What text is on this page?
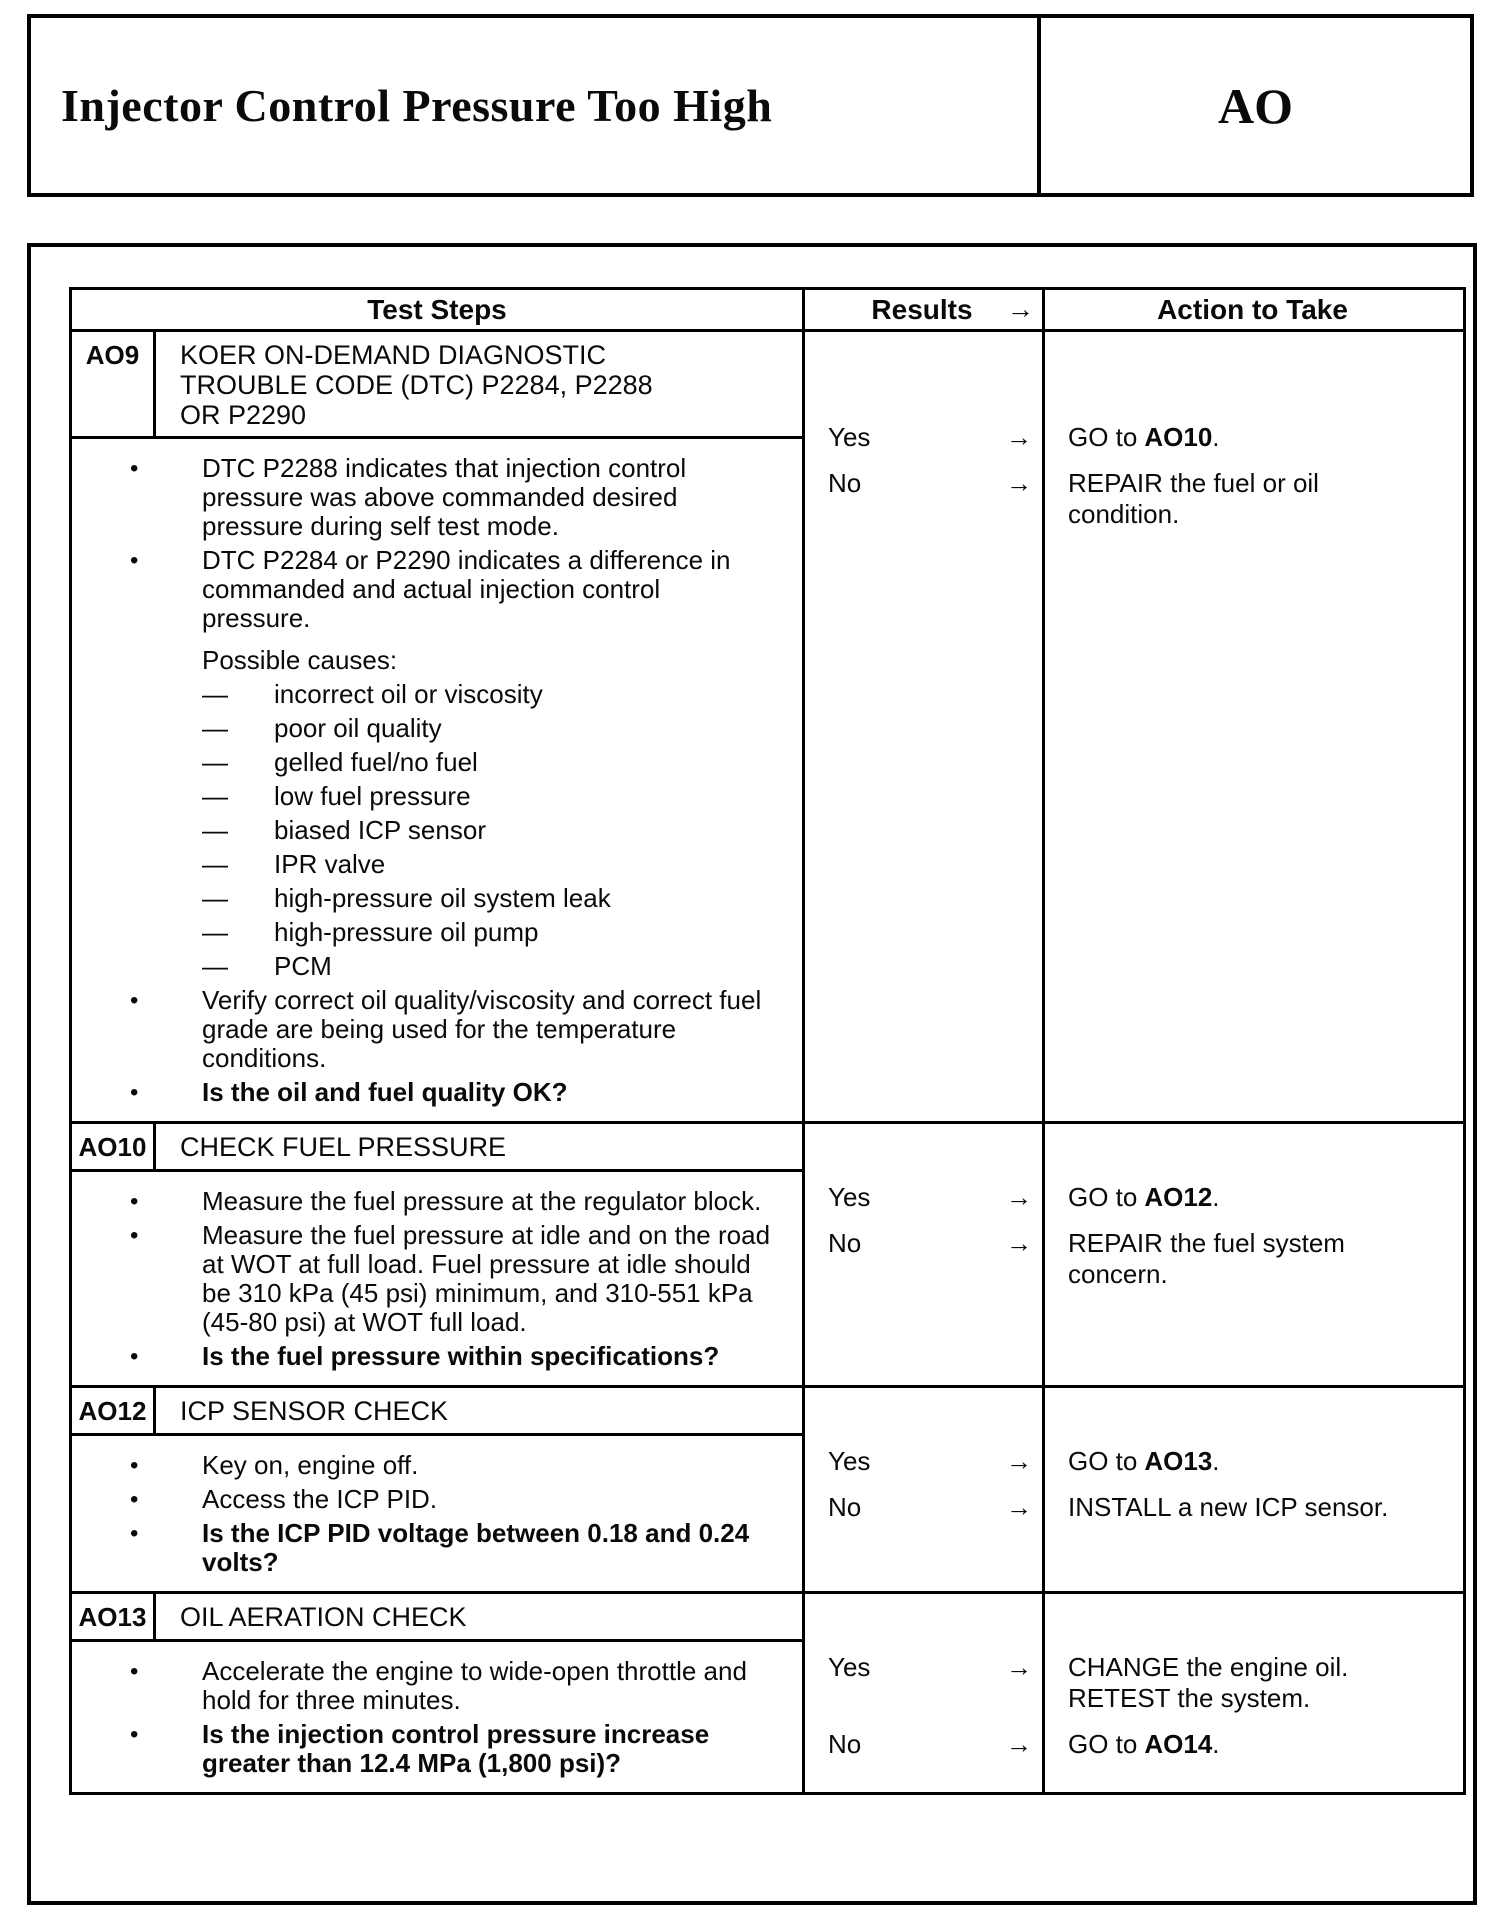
Injector Control Pressure Too High	AO
Test Steps	Results →	Action to Take
AO9	KOER ON-DEMAND DIAGNOSTIC TROUBLE CODE (DTC) P2284, P2288 OR P2290
•	DTC P2288 indicates that injection control pressure was above commanded desired pressure during self test mode.
•	DTC P2284 or P2290 indicates a difference in commanded and actual injection control pressure.
Possible causes:
—	incorrect oil or viscosity
—	poor oil quality
—	gelled fuel/no fuel
—	low fuel pressure
—	biased ICP sensor
—	IPR valve
—	high-pressure oil system leak
—	high-pressure oil pump
—	PCM
•	Verify correct oil quality/viscosity and correct fuel grade are being used for the temperature conditions.
•	Is the oil and fuel quality OK?
Yes	→	GO to AO10.
No	→	REPAIR the fuel or oil condition.
AO10	CHECK FUEL PRESSURE
•	Measure the fuel pressure at the regulator block.
•	Measure the fuel pressure at idle and on the road at WOT at full load. Fuel pressure at idle should be 310 kPa (45 psi) minimum, and 310-551 kPa (45-80 psi) at WOT full load.
•	Is the fuel pressure within specifications?
Yes	→	GO to AO12.
No	→	REPAIR the fuel system concern.
AO12	ICP SENSOR CHECK
•	Key on, engine off.
•	Access the ICP PID.
•	Is the ICP PID voltage between 0.18 and 0.24 volts?
Yes	→	GO to AO13.
No	→	INSTALL a new ICP sensor.
AO13	OIL AERATION CHECK
•	Accelerate the engine to wide-open throttle and hold for three minutes.
•	Is the injection control pressure increase greater than 12.4 MPa (1,800 psi)?
Yes	→	CHANGE the engine oil. RETEST the system.
No	→	GO to AO14.
